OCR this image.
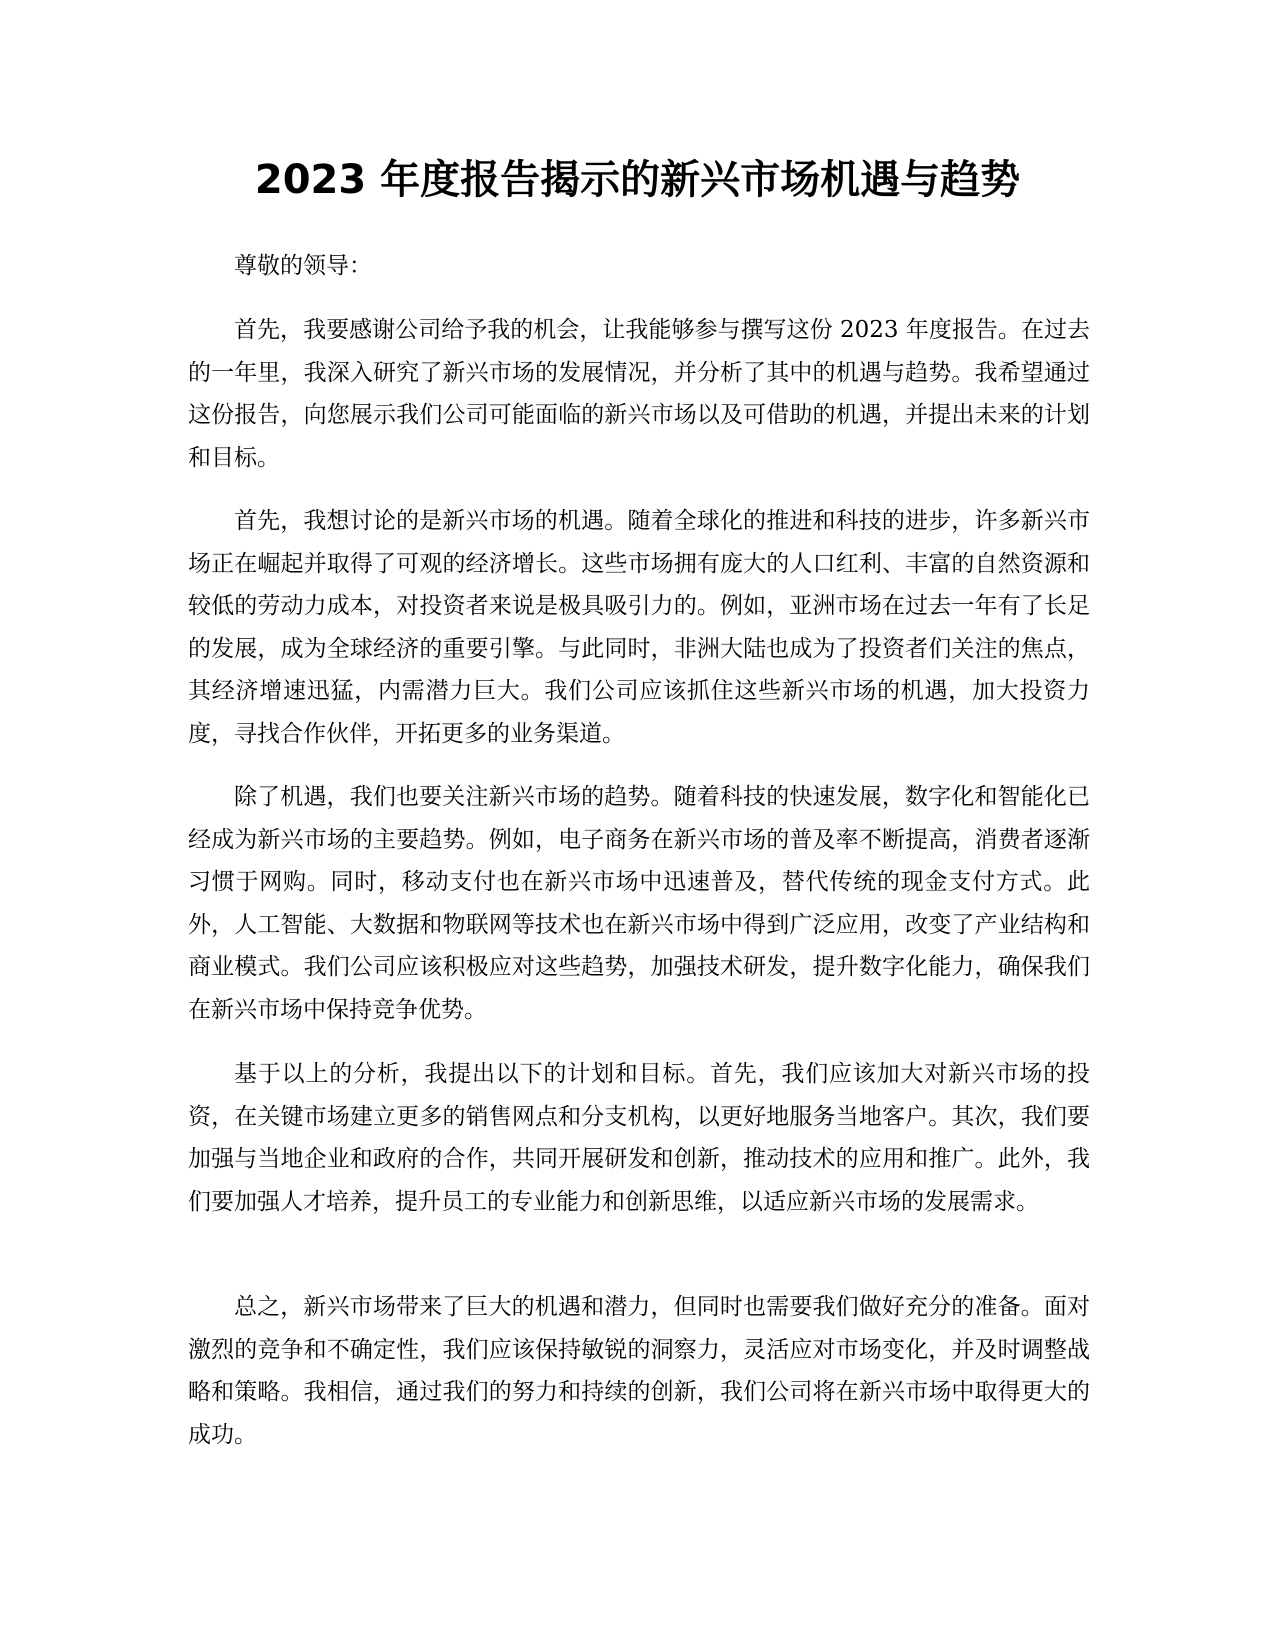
2023 年度报告揭示的新兴市场机遇与趋势

尊敬的领导：

首先，我要感谢公司给予我的机会，让我能够参与撰写这份 2023 年度报告。在过去的一年里，我深入研究了新兴市场的发展情况，并分析了其中的机遇与趋势。我希望通过这份报告，向您展示我们公司可能面临的新兴市场以及可借助的机遇，并提出未来的计划和目标。

首先，我想讨论的是新兴市场的机遇。随着全球化的推进和科技的进步，许多新兴市场正在崛起并取得了可观的经济增长。这些市场拥有庞大的人口红利、丰富的自然资源和较低的劳动力成本，对投资者来说是极具吸引力的。例如，亚洲市场在过去一年有了长足的发展，成为全球经济的重要引擎。与此同时，非洲大陆也成为了投资者们关注的焦点，其经济增速迅猛，内需潜力巨大。我们公司应该抓住这些新兴市场的机遇，加大投资力度，寻找合作伙伴，开拓更多的业务渠道。

除了机遇，我们也要关注新兴市场的趋势。随着科技的快速发展，数字化和智能化已经成为新兴市场的主要趋势。例如，电子商务在新兴市场的普及率不断提高，消费者逐渐习惯于网购。同时，移动支付也在新兴市场中迅速普及，替代传统的现金支付方式。此外，人工智能、大数据和物联网等技术也在新兴市场中得到广泛应用，改变了产业结构和商业模式。我们公司应该积极应对这些趋势，加强技术研发，提升数字化能力，确保我们在新兴市场中保持竞争优势。

基于以上的分析，我提出以下的计划和目标。首先，我们应该加大对新兴市场的投资，在关键市场建立更多的销售网点和分支机构，以更好地服务当地客户。其次，我们要加强与当地企业和政府的合作，共同开展研发和创新，推动技术的应用和推广。此外，我们要加强人才培养，提升员工的专业能力和创新思维，以适应新兴市场的发展需求。

总之，新兴市场带来了巨大的机遇和潜力，但同时也需要我们做好充分的准备。面对激烈的竞争和不确定性，我们应该保持敏锐的洞察力，灵活应对市场变化，并及时调整战略和策略。我相信，通过我们的努力和持续的创新，我们公司将在新兴市场中取得更大的成功。
